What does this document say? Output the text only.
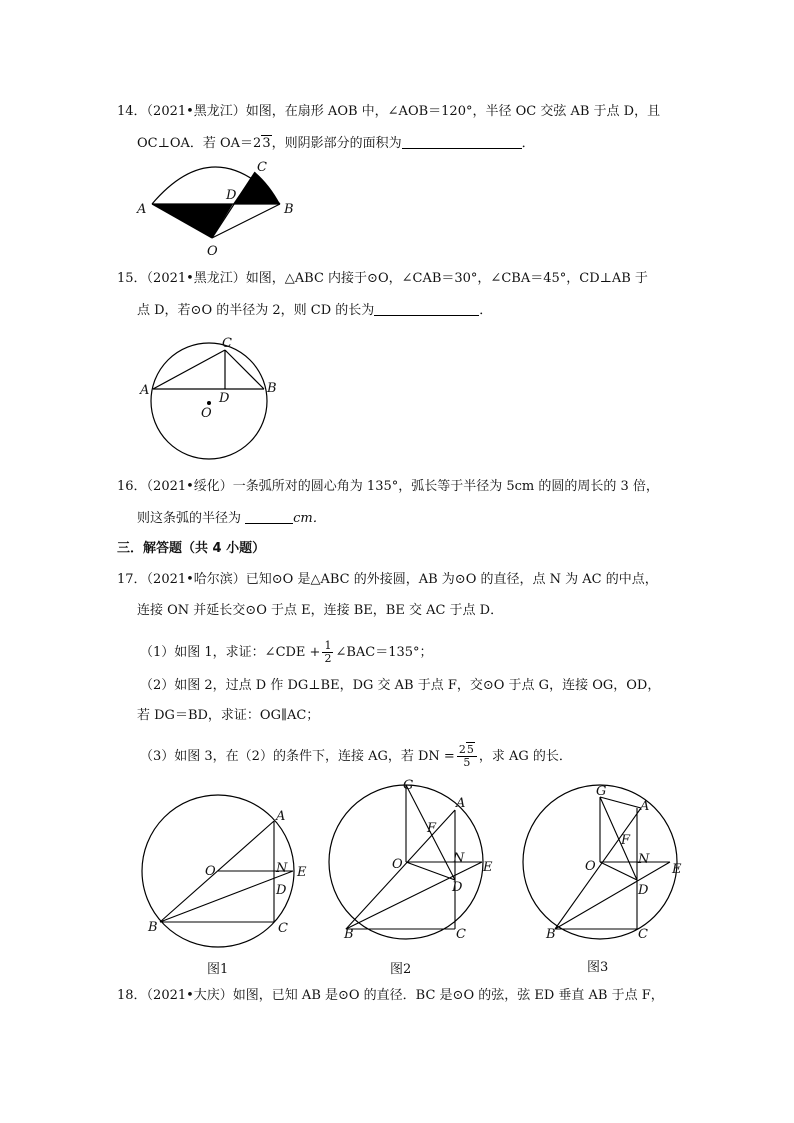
14．（2021•黑龙江）如图，在扇形 AOB 中，∠AOB＝120°，半径 OC 交弦 AB 于点 D，且
OC⊥OA．若 OA＝23，则阴影部分的面积为	．
A	B
C
D
O
15．（2021•黑龙江）如图，△ABC 内接于⊙O，∠CAB＝30°，∠CBA＝45°，CD⊥AB 于
点 D，若⊙O 的半径为 2，则 CD 的长为	．
A	B
C
D
O
16．（2021•绥化）一条弧所对的圆心角为 135°，弧长等于半径为 5cm 的圆的周长的 3 倍，
则这条弧的半径为	cm．
三．解答题（共 4 小题）
17．（2021•哈尔滨）已知⊙O 是△ABC 的外接圆，AB 为⊙O 的直径，点 N 为 AC 的中点，
连接 ON 并延长交⊙O 于点 E，连接 BE，BE 交 AC 于点 D．
（1）如图 1，求证：∠CDE + $\frac{1}{2}$ ∠BAC＝135°；
（2）如图 2，过点 D 作 DG⊥BE，DG 交 AB 于点 F，交⊙O 于点 G，连接 OG，OD，
若 DG＝BD，求证：OG∥AC；
（3）如图 3，在（2）的条件下，连接 AG，若 DN = $\frac{25}{5}$ ，求 AG 的长．
A
B	C
D
E
N
O
G
A
F
O	N
E
D
B	C
G
A
F
O	N
E
D
B	C
图1	图2	图3
18．（2021•大庆）如图，已知 AB 是⊙O 的直径．BC 是⊙O 的弦，弦 ED 垂直 AB 于点 F，
